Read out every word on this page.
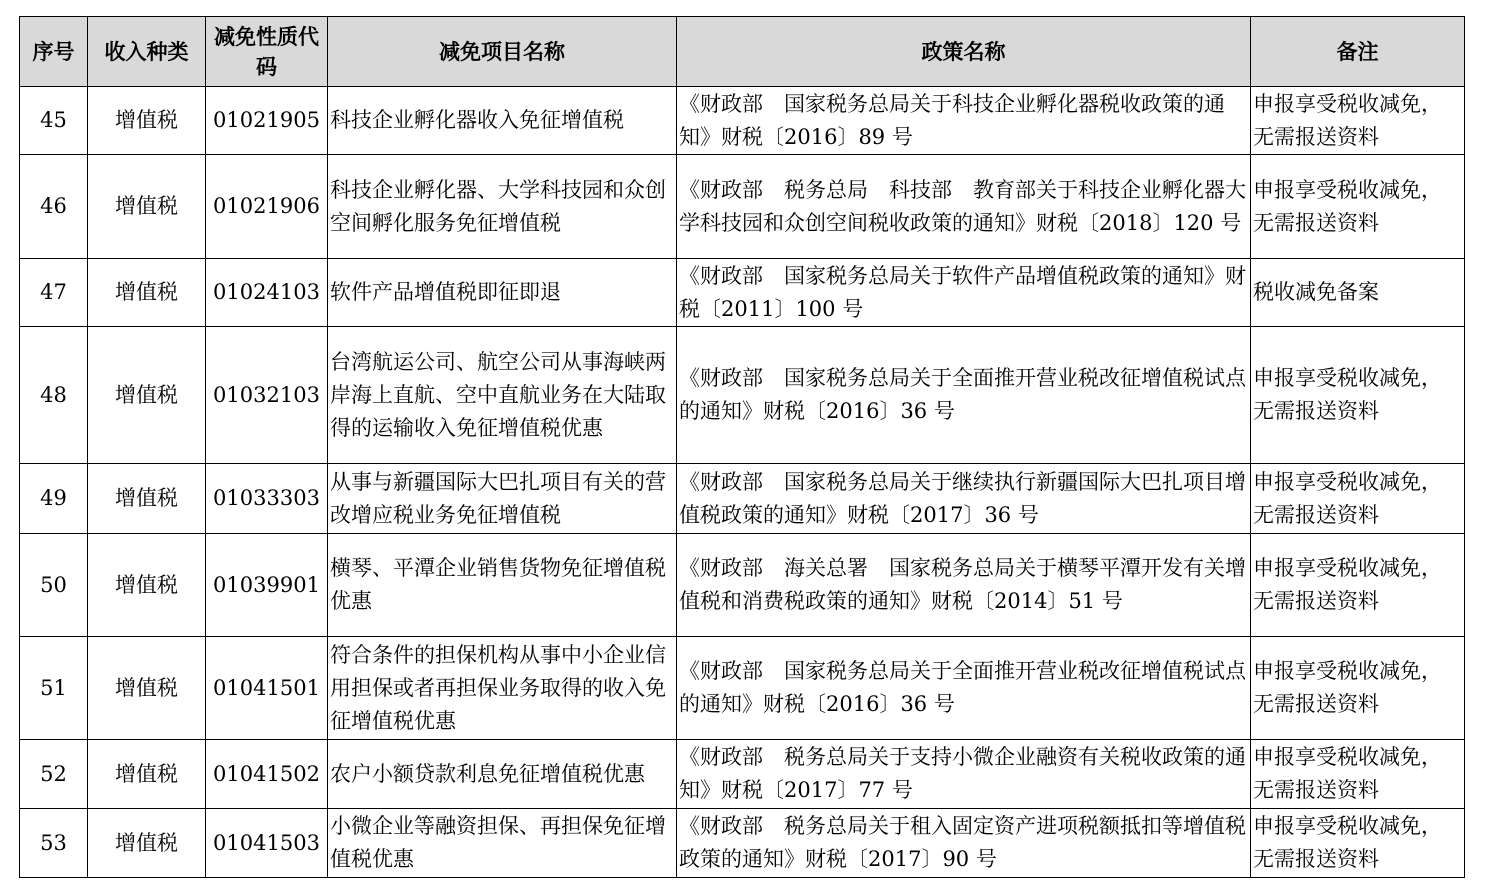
序号	收入种类	减免性质代码	减免项目名称	政策名称	备注
45	增值税	01021905	科技企业孵化器收入免征增值税	《财政部　国家税务总局关于科技企业孵化器税收政策的通知》财税〔2016〕89 号	申报享受税收减免，无需报送资料
46	增值税	01021906	科技企业孵化器、大学科技园和众创空间孵化服务免征增值税	《财政部　税务总局　科技部　教育部关于科技企业孵化器大学科技园和众创空间税收政策的通知》财税〔2018〕120 号	申报享受税收减免，无需报送资料
47	增值税	01024103	软件产品增值税即征即退	《财政部　国家税务总局关于软件产品增值税政策的通知》财税〔2011〕100 号	税收减免备案
48	增值税	01032103	台湾航运公司、航空公司从事海峡两岸海上直航、空中直航业务在大陆取得的运输收入免征增值税优惠	《财政部　国家税务总局关于全面推开营业税改征增值税试点的通知》财税〔2016〕36 号	申报享受税收减免，无需报送资料
49	增值税	01033303	从事与新疆国际大巴扎项目有关的营改增应税业务免征增值税	《财政部　国家税务总局关于继续执行新疆国际大巴扎项目增值税政策的通知》财税〔2017〕36 号	申报享受税收减免，无需报送资料
50	增值税	01039901	横琴、平潭企业销售货物免征增值税优惠	《财政部　海关总署　国家税务总局关于横琴平潭开发有关增值税和消费税政策的通知》财税〔2014〕51 号	申报享受税收减免，无需报送资料
51	增值税	01041501	符合条件的担保机构从事中小企业信用担保或者再担保业务取得的收入免征增值税优惠	《财政部　国家税务总局关于全面推开营业税改征增值税试点的通知》财税〔2016〕36 号	申报享受税收减免，无需报送资料
52	增值税	01041502	农户小额贷款利息免征增值税优惠	《财政部　税务总局关于支持小微企业融资有关税收政策的通知》财税〔2017〕77 号	申报享受税收减免，无需报送资料
53	增值税	01041503	小微企业等融资担保、再担保免征增值税优惠	《财政部　税务总局关于租入固定资产进项税额抵扣等增值税政策的通知》财税〔2017〕90 号	申报享受税收减免，无需报送资料
